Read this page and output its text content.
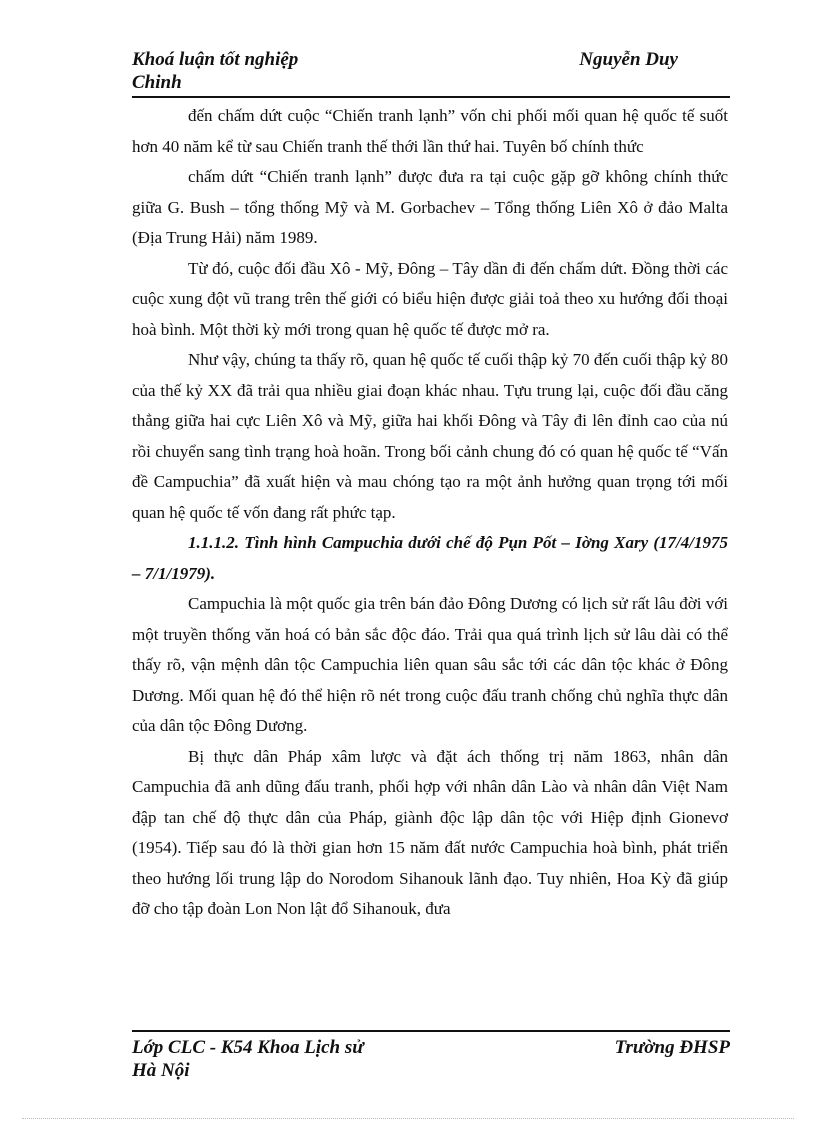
Khoá luận tốt nghiệp	Nguyễn Duy
Chinh

đến chấm dứt cuộc “Chiến tranh lạnh” vốn chi phối mối quan hệ quốc tế suốt hơn 40 năm kể từ sau Chiến tranh thế thới lần thứ hai. Tuyên bố chính thức

chấm dứt “Chiến tranh lạnh” được đưa ra tại cuộc gặp gỡ không chính thức giữa G. Bush – tổng thống Mỹ và M. Gorbachev – Tổng thống Liên Xô ở đảo Malta (Địa Trung Hải) năm 1989.

Từ đó, cuộc đối đầu Xô - Mỹ, Đông – Tây dần đi đến chấm dứt. Đồng thời các cuộc xung đột vũ trang trên thế giới có biểu hiện được giải toả theo xu hướng đối thoại hoà bình. Một thời kỳ mới trong quan hệ quốc tế được mở ra.

Như vậy, chúng ta thấy rõ, quan hệ quốc tế cuối thập kỷ 70 đến cuối thập kỷ 80 của thế kỷ XX đã trải qua nhiều giai đoạn khác nhau. Tựu trung lại, cuộc đối đầu căng thẳng giữa hai cực Liên Xô và Mỹ, giữa hai khối Đông và Tây đi lên đỉnh cao của nú rồi chuyển sang tình trạng hoà hoãn. Trong bối cảnh chung đó có quan hệ quốc tế “Vấn đề Campuchia” đã xuất hiện và mau chóng tạo ra một ảnh hưởng quan trọng tới mối quan hệ quốc tế vốn đang rất phức tạp.

1.1.1.2. Tình hình Campuchia dưới chế độ Pụn Pốt – Iờng Xary (17/4/1975 – 7/1/1979).

Campuchia là một quốc gia trên bán đảo Đông Dương có lịch sử rất lâu đời với một truyền thống văn hoá có bản sắc độc đáo. Trải qua quá trình lịch sử lâu dài có thể thấy rõ, vận mệnh dân tộc Campuchia liên quan sâu sắc tới các dân tộc khác ở Đông Dương. Mối quan hệ đó thể hiện rõ nét trong cuộc đấu tranh chống chủ nghĩa thực dân của dân tộc Đông Dương.

Bị thực dân Pháp xâm lược và đặt ách thống trị năm 1863, nhân dân Campuchia đã anh dũng đấu tranh, phối hợp với nhân dân Lào và nhân dân Việt Nam đập tan chế độ thực dân của Pháp, giành độc lập dân tộc với Hiệp định Gionevơ (1954). Tiếp sau đó là thời gian hơn 15 năm đất nước Campuchia hoà bình, phát triển theo hướng lối trung lập do Norodom Sihanouk lãnh đạo. Tuy nhiên, Hoa Kỳ đã giúp đỡ cho tập đoàn Lon Non lật đổ Sihanouk, đưa

Lớp CLC - K54 Khoa Lịch sử	Trường ĐHSP
Hà Nội
